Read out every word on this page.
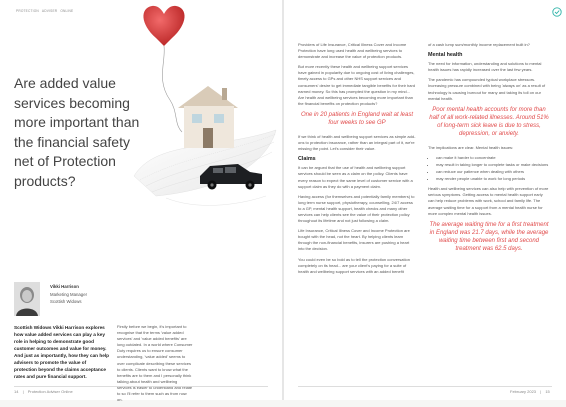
PROTECTION ADVISER ONLINE
Are added value services becoming more important than the financial safety net of Protection products?
Vikki Harrison
Marketing Manager
Scottish Widows

Scottish Widows Vikki Harrison explores how value added services can play a key role in helping to demonstrate good customer outcomes and value for money. And just as importantly, how they can help advisers to promote the value of protection beyond the claims acceptance rates and pure financial support.

Firstly before we begin, it's important to recognise that the terms 'value added services' and 'value added benefits' are long outdated. In a world where Consumer Duty requires us to ensure consumer understanding, 'value added' seems to over complicate describing these services to clients. Clients want to know what the benefits are to them and I personally think talking about health and wellbeing services is easier to understand and relate to so I'll refer to them such as from now on.

Providers of Life Insurance, Critical Illness Cover and Income Protection have long used health and wellbeing services to demonstrate and increase the value of protection products.

But more recently these health and wellbeing support services have gained in popularity due to ongoing cost of living challenges, timely access to GPs and other NHS support services and consumers' desire to get immediate tangible benefits for their hard earned money. So this has prompted the question in my mind... Are health and wellbeing services becoming more important than the financial benefits on protection products?

One in 20 patients in England wait at least four weeks to see GP

If we think of health and wellbeing support services as simple add-ons to protection insurance, rather than an integral part of it, we're missing the point. Let's consider their value.

Claims

It can be argued that the use of health and wellbeing support services should be seen as a claim on the policy. Clients have every reason to expect the same level of customer service with a support claim as they do with a payment claim.

Having access (for themselves and potentially family members) to long term nurse support, physiotherapy, counselling, 24/7 access to a GP, mental health support, health checks and many other services can help clients see the value of their protection policy throughout its lifetime and not just following a claim.

Life Insurance, Critical Illness Cover and Income Protection are bought with the head, not the heart. By helping clients learn through the non-financial benefits, insurers are pushing a heart into the decision.

You could even be so bold as to tell the protection conversation completely on its head... are your client's paying for a suite of health and wellbeing support services with an added benefit

of a cash lump sum/monthly income replacement built in?

Mental health

The need for information, understanding and solutions to mental health issues has rapidly increased over the last few years.

The pandemic has compounded typical workplace stressors. Increasing pressure combined with being 'always on' as a result of technology is causing burnout for many and taking its toll on our mental health.

Poor mental health accounts for more than half of all work-related illnesses. Around 51% of long-term sick leave is due to stress, depression, or anxiety.

The implications are clear. Mental health issues:

• can make it harder to concentrate
• may result in taking longer to complete tasks or make decisions
• can reduce our patience when dealing with others
• may render people unable to work for long periods

Health and wellbeing services can also help with prevention of more serious symptoms. Getting access to mental health support early can help reduce problems with work, school and family life. The average waiting time for a support from a mental health nurse for more complex mental health issues.

The average waiting time for a first treatment in England was 21.7 days, while the average waiting time between first and second treatment was 62.5 days.
14 | Protection Adviser Online	February 2023 | 15
